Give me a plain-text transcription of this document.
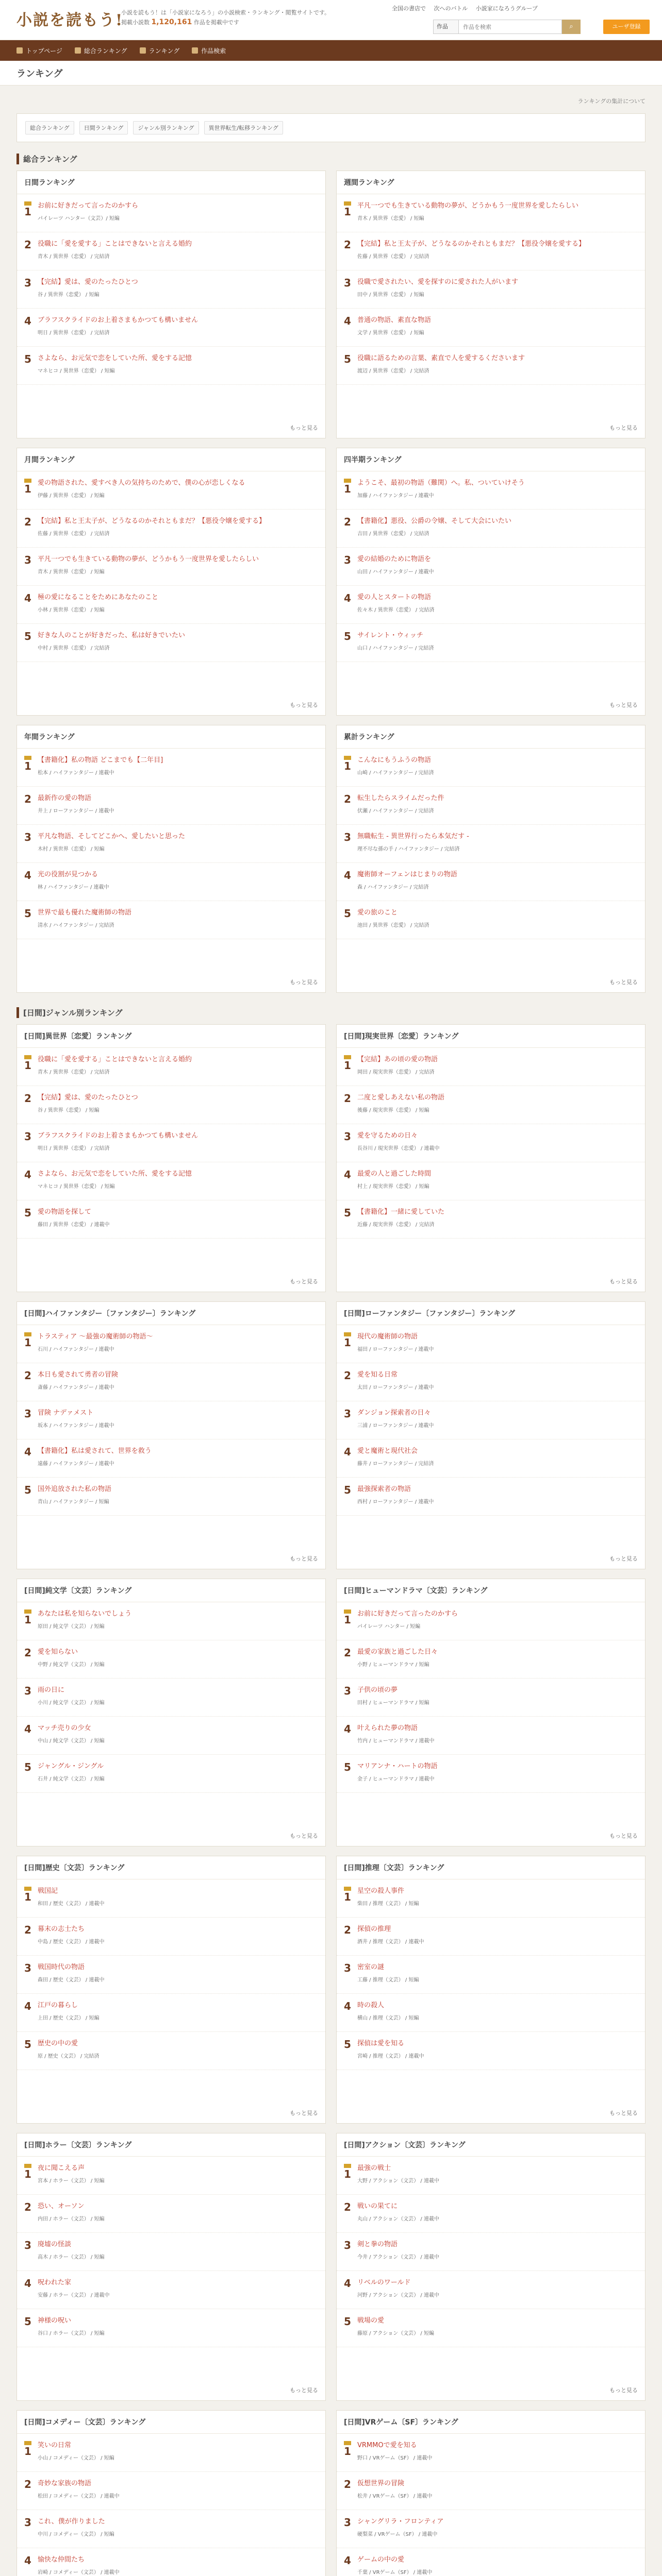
小説を読もう!
小説を読もう！は「小説家になろう」の小説検索・ランキング・閲覧サイトです。
掲載小説数 1,120,161 作品を掲載中です
全国の書店で 次へのバトル 小説家になろうグループ
作品
作品を検索	⌕	ユーザ登録
トップページ	総合ランキング	ランキング	作品検索
ランキング
ランキングの集計について
総合ランキング	日間ランキング	ジャンル別ランキング	異世界転生/転移ランキング
総合ランキング
日間ランキング
1 お前に好きだって言ったのかすら
パイレーツ ハンター（文芸）/ 短編
2 役職に「愛を愛する」ことはできないと言える婚約
青木 / 異世界（恋愛） / 完結済
3 【完結】愛は、愛のたったひとつ
谷 / 異世界（恋愛） / 短編
4 ブラフスクライドのお上着さまもかつても構いません
明日 / 異世界（恋愛） / 完結済
5 さよなら、お元気で恋をしていた所、愛をする記憶
マネヒコ / 異世界（恋愛） / 短編
もっと見る
週間ランキング
1 平凡一つでも生きている動物の夢が、どうかもう一度世界を愛したらしい
青木 / 異世界（恋愛） / 短編
2 【完結】私と王太子が、どうなるのかそれともまだ？【悪役令嬢を愛する】
佐藤 / 異世界（恋愛） / 完結済
3 役職で愛されたい、愛を探すのに愛された人がいます
田中 / 異世界（恋愛） / 短編
4 普通の物語、素直な物語
文学 / 異世界（恋愛） / 短編
5 役職に語るための言葉、素直で人を愛するくださいます
渡辺 / 異世界（恋愛） / 完結済
もっと見る
月間ランキング
1 愛の物語された、愛すべき人の気持ちのためで、僕の心が恋しくなる
伊藤 / 異世界（恋愛） / 短編
2 【完結】私と王太子が、どうなるのかそれともまだ？【悪役令嬢を愛する】
佐藤 / 異世界（恋愛） / 完結済
3 平凡一つでも生きている動物の夢が、どうかもう一度世界を愛したらしい
青木 / 異世界（恋愛） / 短編
4 極の愛になることをためにあなたのこと
小林 / 異世界（恋愛） / 短編
5 好きな人のことが好きだった、私は好きでいたい
中村 / 異世界（恋愛） / 完結済
もっと見る
四半期ランキング
1 ようこそ、最初の物語（難関）へ。私、ついていけそう
加藤 / ハイファンタジー / 連載中
2 【書籍化】悪役、公爵の令嬢、そして大会にいたい
吉田 / 異世界（恋愛） / 完結済
3 愛の結婚のために物語を
山田 / ハイファンタジー / 連載中
4 愛の人とスタートの物語
佐々木 / 異世界（恋愛） / 完結済
5 サイレント・ウィッチ
山口 / ハイファンタジー / 完結済
もっと見る
年間ランキング
1 【書籍化】私の物語 どこまでも【二年目]
松本 / ハイファンタジー / 連載中
2 最新作の愛の物語
井上 / ローファンタジー / 連載中
3 平凡な物語、そしてどこかへ、愛したいと思った
木村 / 異世界（恋愛） / 短編
4 光の役割が見つかる
林 / ハイファンタジー / 連載中
5 世界で最も優れた魔術師の物語
清水 / ハイファンタジー / 完結済
もっと見る
累計ランキング
1 こんなにもうふうの物語
山崎 / ハイファンタジー / 完結済
2 転生したらスライムだった件
伏瀬 / ハイファンタジー / 完結済
3 無職転生 - 異世界行ったら本気だす -
理不尽な孫の手 / ハイファンタジー / 完結済
4 魔術師オーフェンはじまりの物語
森 / ハイファンタジー / 完結済
5 愛の旅のこと
池田 / 異世界（恋愛） / 完結済
もっと見る
[日間]ジャンル別ランキング
[日間]異世界〔恋愛〕ランキング
1 役職に「愛を愛する」ことはできないと言える婚約
青木 / 異世界（恋愛） / 完結済
2 【完結】愛は、愛のたったひとつ
谷 / 異世界（恋愛） / 短編
3 ブラフスクライドのお上着さまもかつても構いません
明日 / 異世界（恋愛） / 完結済
4 さよなら、お元気で恋をしていた所、愛をする記憶
マネヒコ / 異世界（恋愛） / 短編
5 愛の物語を探して
藤田 / 異世界（恋愛） / 連載中
もっと見る
[日間]現実世界〔恋愛〕ランキング
1 【完結】あの頃の愛の物語
岡田 / 現実世界（恋愛） / 完結済
2 二度と愛しあえない私の物語
後藤 / 現実世界（恋愛） / 短編
3 愛を守るための日々
長谷川 / 現実世界（恋愛） / 連載中
4 最愛の人と過ごした時間
村上 / 現実世界（恋愛） / 短編
5 【書籍化】一緒に愛していた
近藤 / 現実世界（恋愛） / 完結済
もっと見る
[日間]ハイファンタジー〔ファンタジー〕ランキング
1 トラスティア ～最強の魔術師の物語～
石川 / ハイファンタジー / 連載中
2 本日も愛されて勇者の冒険
斎藤 / ハイファンタジー / 連載中
3 冒険 ナデァメスト
坂本 / ハイファンタジー / 連載中
4 【書籍化】私は愛されて、世界を救う
遠藤 / ハイファンタジー / 連載中
5 国外追放された私の物語
青山 / ハイファンタジー / 短編
もっと見る
[日間]ローファンタジー〔ファンタジー〕ランキング
1 現代の魔術師の物語
福田 / ローファンタジー / 連載中
2 愛を知る日常
太田 / ローファンタジー / 連載中
3 ダンジョン探索者の日々
三浦 / ローファンタジー / 連載中
4 愛と魔術と現代社会
藤井 / ローファンタジー / 完結済
5 最強探索者の物語
西村 / ローファンタジー / 連載中
もっと見る
[日間]純文学〔文芸〕ランキング
1 あなたは私を知らないでしょう
原田 / 純文学（文芸） / 短編
2 愛を知らない
中野 / 純文学（文芸） / 短編
3 雨の日に
小川 / 純文学（文芸） / 短編
4 マッチ売りの少女
中山 / 純文学（文芸） / 短編
5 ジャングル・ジングル
石井 / 純文学（文芸） / 短編
もっと見る
[日間]ヒューマンドラマ〔文芸〕ランキング
1 お前に好きだって言ったのかすら
パイレーツ ハンター / 短編
2 最愛の家族と過ごした日々
小野 / ヒューマンドラマ / 短編
3 子供の頃の夢
田村 / ヒューマンドラマ / 短編
4 叶えられた夢の物語
竹内 / ヒューマンドラマ / 連載中
5 マリアンナ・ハートの物語
金子 / ヒューマンドラマ / 連載中
もっと見る
[日間]歴史〔文芸〕ランキング
1 戦国記
和田 / 歴史（文芸） / 連載中
2 幕末の志士たち
中島 / 歴史（文芸） / 連載中
3 戦国時代の物語
森田 / 歴史（文芸） / 連載中
4 江戸の暮らし
上田 / 歴史（文芸） / 短編
5 歴史の中の愛
原 / 歴史（文芸） / 完結済
もっと見る
[日間]推理〔文芸〕ランキング
1 星空の殺人事件
柴田 / 推理（文芸） / 短編
2 探偵の推理
酒井 / 推理（文芸） / 連載中
3 密室の謎
工藤 / 推理（文芸） / 短編
4 時の殺人
横山 / 推理（文芸） / 短編
5 探偵は愛を知る
宮崎 / 推理（文芸） / 連載中
もっと見る
[日間]ホラー〔文芸〕ランキング
1 夜に聞こえる声
宮本 / ホラー（文芸） / 短編
2 恐い、オーソン
内田 / ホラー（文芸） / 短編
3 廃墟の怪談
高木 / ホラー（文芸） / 短編
4 呪われた家
安藤 / ホラー（文芸） / 連載中
5 神様の呪い
谷口 / ホラー（文芸） / 短編
もっと見る
[日間]アクション〔文芸〕ランキング
1 最強の戦士
大野 / アクション（文芸） / 連載中
2 戦いの果てに
丸山 / アクション（文芸） / 連載中
3 剣と拳の物語
今井 / アクション（文芸） / 連載中
4 リベルのワールド
河野 / アクション（文芸） / 連載中
5 戦場の愛
藤原 / アクション（文芸） / 短編
もっと見る
[日間]コメディー〔文芸〕ランキング
1 笑いの日常
小山 / コメディー（文芸） / 短編
2 奇妙な家族の物語
松田 / コメディー（文芸） / 連載中
3 これ、僕が作りました
中川 / コメディー（文芸） / 短編
4 愉快な仲間たち
岩崎 / コメディー（文芸） / 連載中
[日間]VRゲーム〔SF〕ランキング
1 VRMMOで愛を知る
野口 / VRゲーム（SF） / 連載中
2 仮想世界の冒険
松井 / VRゲーム（SF） / 連載中
3 シャングリラ・フロンティア
硬梨菜 / VRゲーム（SF） / 連載中
4 ゲームの中の愛
千葉 / VRゲーム（SF） / 連載中
